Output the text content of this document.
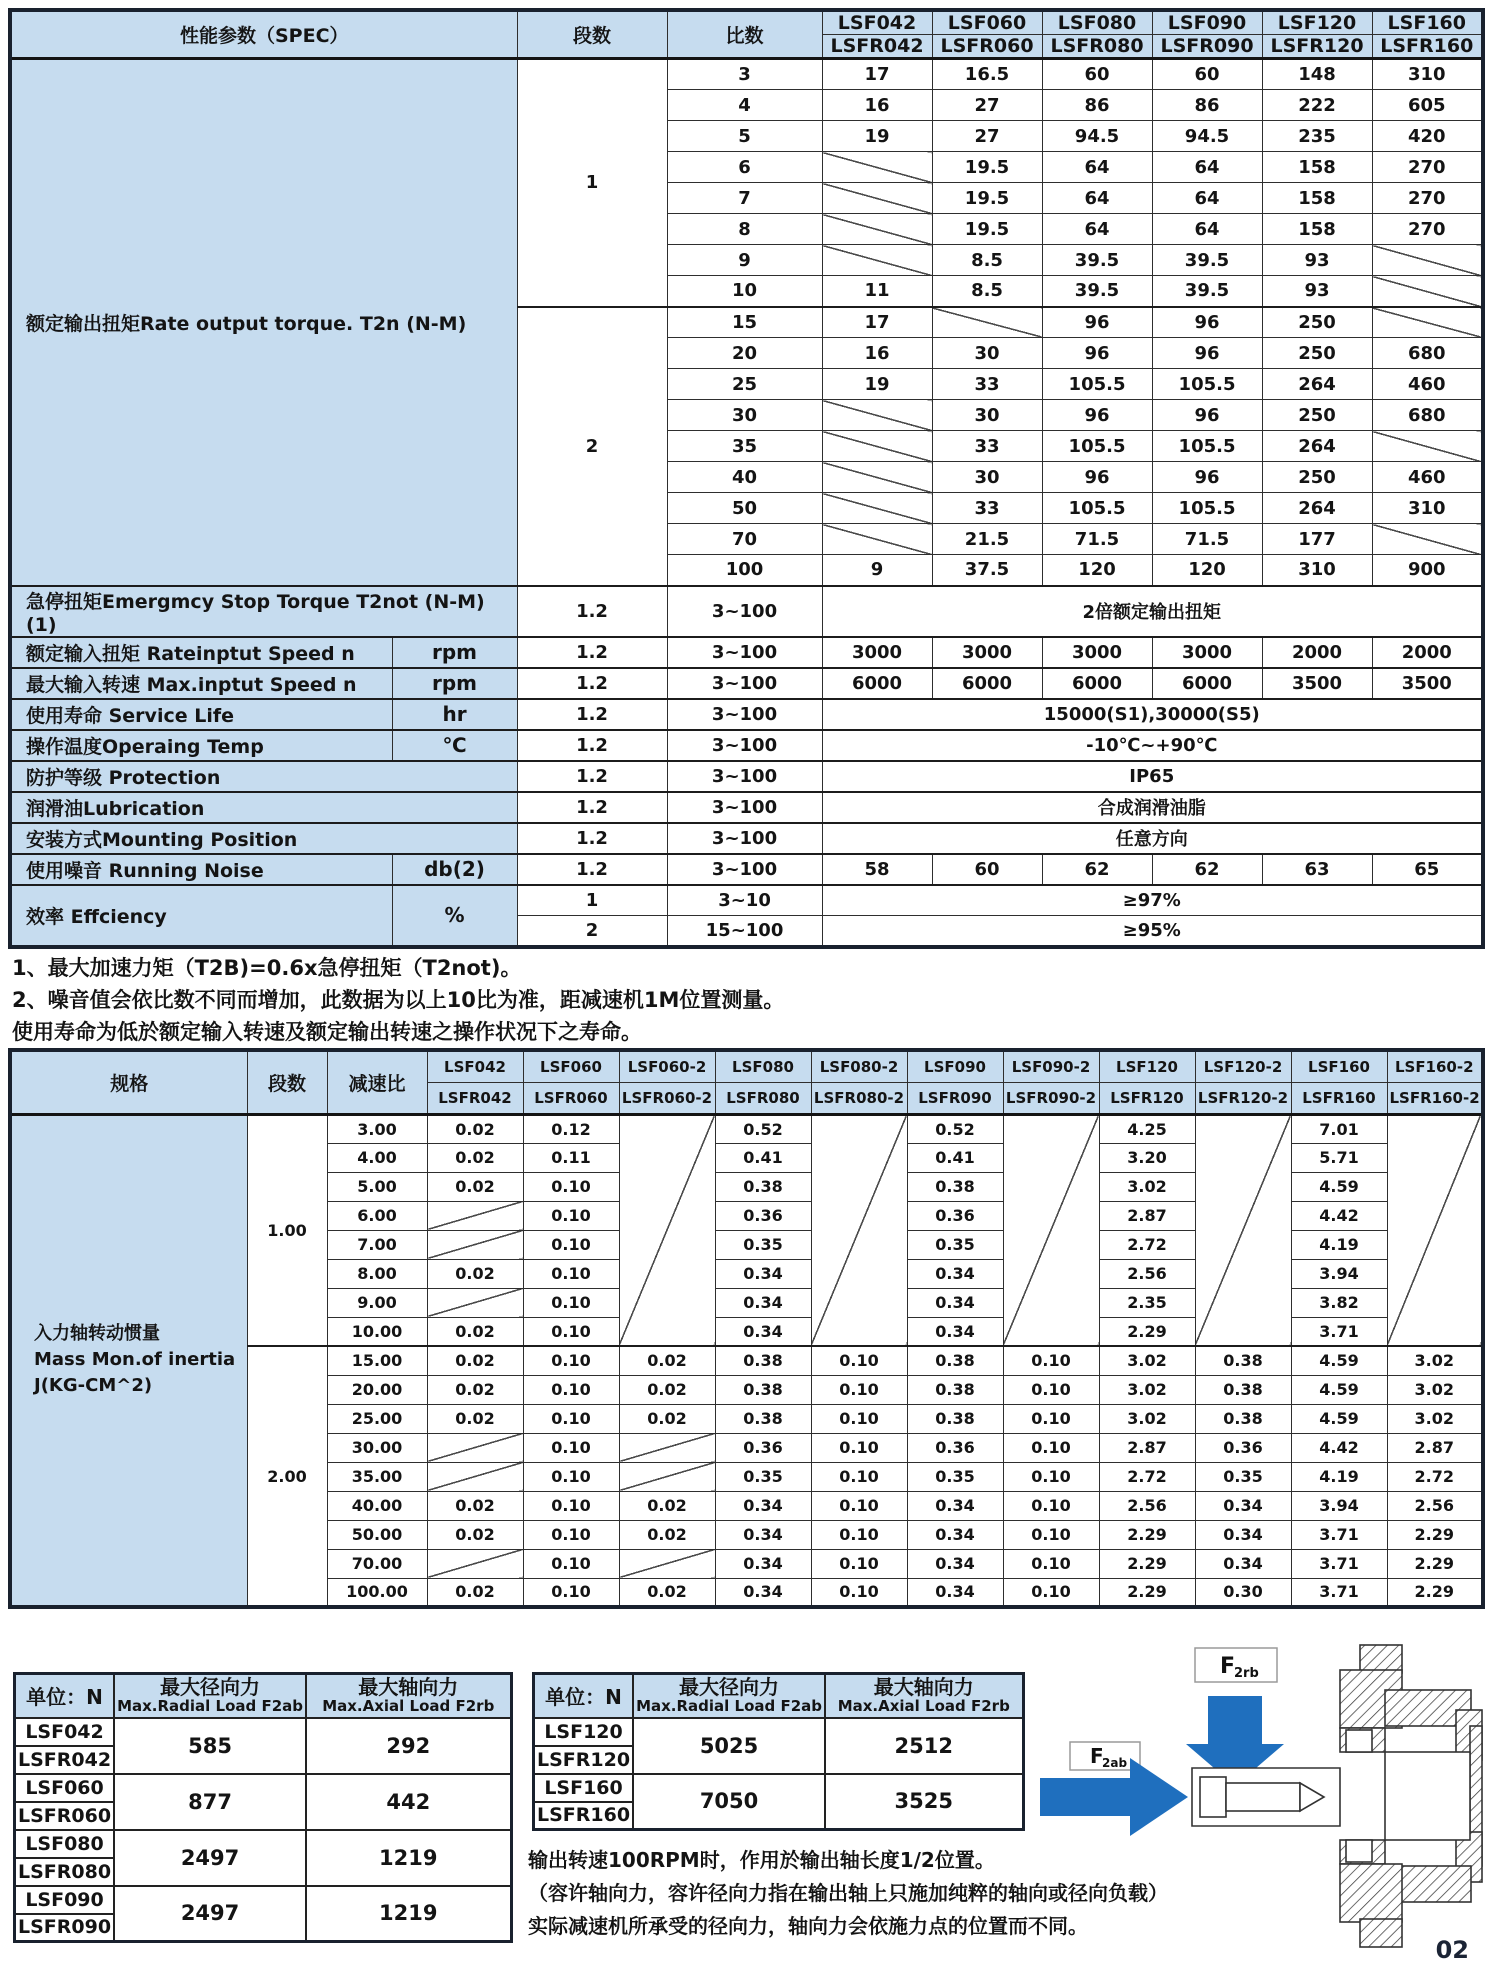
性能参数（SPEC）		段数	比数	LSF042	LSF060	LSF080	LSF090	LSF120	LSF160
				LSFR042	LSFR060	LSFR080	LSFR090	LSFR120	LSFR160
额定输出扭矩Rate output torque. T2n (N-M)		1	3	17	16.5	60	60	148	310
			4	16	27	86	86	222	605
			5	19	27	94.5	94.5	235	420
			6		19.5	64	64	158	270
			7		19.5	64	64	158	270
			8		19.5	64	64	158	270
			9		8.5	39.5	39.5	93	
			10	11	8.5	39.5	39.5	93	
		2	15	17		96	96	250	
			20	16	30	96	96	250	680
			25	19	33	105.5	105.5	264	460
			30		30	96	96	250	680
			35		33	105.5	105.5	264	
			40		30	96	96	250	460
			50		33	105.5	105.5	264	310
			70		21.5	71.5	71.5	177	
			100	9	37.5	120	120	310	900
急停扭矩Emergmcy Stop Torque T2not (N-M)(1)		1.2	3~100	2倍额定输出扭矩					
额定输入扭矩 Rateinptut Speed n	rpm	1.2	3~100	3000	3000	3000	3000	2000	2000
最大输入转速 Max.inptut Speed n	rpm	1.2	3~100	6000	6000	6000	6000	3500	3500
使用寿命 Service Life	hr	1.2	3~100	15000(S1),30000(S5)					
操作温度Operaing Temp	℃	1.2	3~100	-10℃~+90℃					
防护等级 Protection		1.2	3~100	IP65					
润滑油Lubrication		1.2	3~100	合成润滑油脂					
安装方式Mounting Position		1.2	3~100	任意方向					
使用噪音 Running Noise	db(2)	1.2	3~100	58	60	62	62	63	65
效率 Effciency	%	1	3~10	≥97%					
		2	15~100	≥95%					
1、最大加速力矩（T2B)=0.6x急停扭矩（T2not)。
2、噪音值会依比数不同而增加，此数据为以上10比为准，距减速机1M位置测量。
使用寿命为低於额定输入转速及额定输出转速之操作状况下之寿命。
规格	段数	减速比	LSF042	LSF060	LSF060-2	LSF080	LSF080-2	LSF090	LSF090-2	LSF120	LSF120-2	LSF160	LSF160-2
			LSFR042	LSFR060	LSFR060-2	LSFR080	LSFR080-2	LSFR090	LSFR090-2	LSFR120	LSFR120-2	LSFR160	LSFR160-2
入力轴转动惯量
Mass Mon.of inertia
J(KG-CM^2)	1.00	3.00	0.02	0.12		0.52		0.52		4.25		7.01	
		4.00	0.02	0.11		0.41		0.41		3.20		5.71	
		5.00	0.02	0.10		0.38		0.38		3.02		4.59	
		6.00		0.10		0.36		0.36		2.87		4.42	
		7.00		0.10		0.35		0.35		2.72		4.19	
		8.00	0.02	0.10		0.34		0.34		2.56		3.94	
		9.00		0.10		0.34		0.34		2.35		3.82	
		10.00	0.02	0.10		0.34		0.34		2.29		3.71	
	2.00	15.00	0.02	0.10	0.02	0.38	0.10	0.38	0.10	3.02	0.38	4.59	3.02
		20.00	0.02	0.10	0.02	0.38	0.10	0.38	0.10	3.02	0.38	4.59	3.02
		25.00	0.02	0.10	0.02	0.38	0.10	0.38	0.10	3.02	0.38	4.59	3.02
		30.00		0.10		0.36	0.10	0.36	0.10	2.87	0.36	4.42	2.87
		35.00		0.10		0.35	0.10	0.35	0.10	2.72	0.35	4.19	2.72
		40.00	0.02	0.10	0.02	0.34	0.10	0.34	0.10	2.56	0.34	3.94	2.56
		50.00	0.02	0.10	0.02	0.34	0.10	0.34	0.10	2.29	0.34	3.71	2.29
		70.00		0.10		0.34	0.10	0.34	0.10	2.29	0.34	3.71	2.29
		100.00	0.02	0.10	0.02	0.34	0.10	0.34	0.10	2.29	0.30	3.71	2.29
单位：N	最大径向力
Max.Radial Load F2ab

最大轴向力
Max.Axial Load F2rb

LSF042	585	292
LSFR042		
LSF060	877	442
LSFR060		
LSF080	2497	1219
LSFR080		
LSF090	2497	1219
LSFR090		
单位：N	最大径向力
Max.Radial Load F2ab

最大轴向力
Max.Axial Load F2rb

LSF120	5025	2512
LSFR120		
LSF160	7050	3525
LSFR160		
输出转速100RPM时，作用於输出轴长度1/2位置。
（容许轴向力，容许径向力指在输出轴上只施加纯粹的轴向或径向负载）
实际减速机所承受的径向力，轴向力会依施力点的位置而不同。
F
2rb
F
2ab
02
